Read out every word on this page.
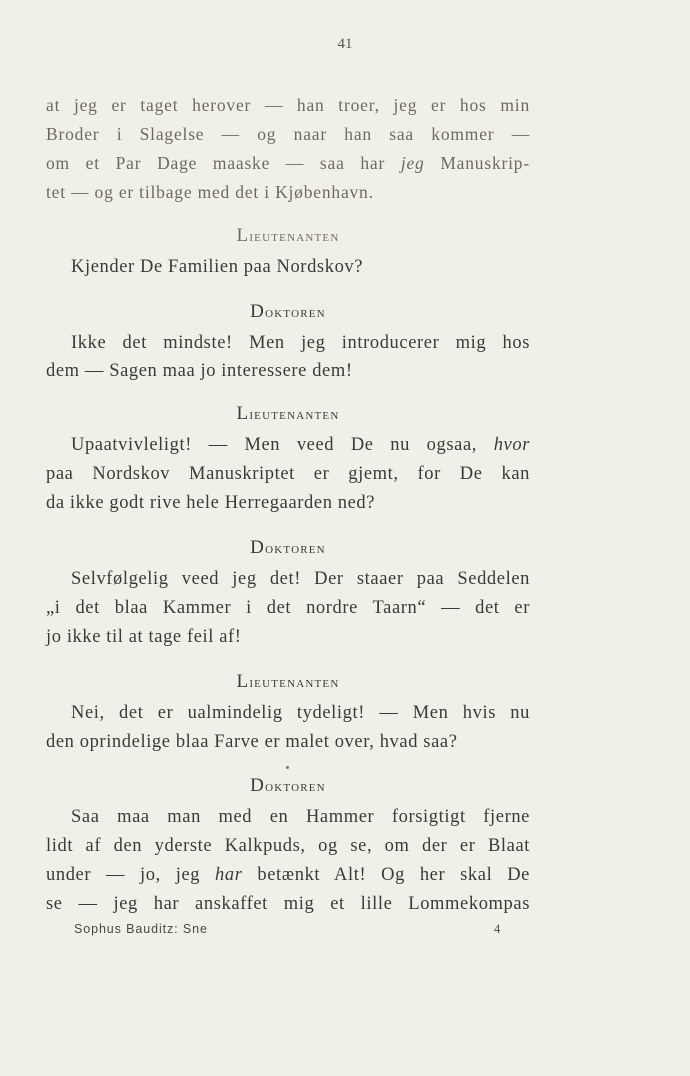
41
at jeg er taget herover — han troer, jeg er hos min
Broder i Slagelse — og naar han saa kommer —
om et Par Dage maaske — saa har jeg Manuskrip-
tet — og er tilbage med det i Kjøbenhavn.
Lieutenanten
Kjender De Familien paa Nordskov?
Doktoren
Ikke det mindste! Men jeg introducerer mig hos
dem — Sagen maa jo interessere dem!
Lieutenanten
Upaatvivleligt! — Men veed De nu ogsaa, hvor
paa Nordskov Manuskriptet er gjemt, for De kan
da ikke godt rive hele Herregaarden ned?
Doktoren
Selvfølgelig veed jeg det! Der staaer paa Seddelen
„i det blaa Kammer i det nordre Taarn“ — det er
jo ikke til at tage feil af!
Lieutenanten
Nei, det er ualmindelig tydeligt! — Men hvis nu
den oprindelige blaa Farve er malet over, hvad saa?
Doktoren
Saa maa man med en Hammer forsigtigt fjerne
lidt af den yderste Kalkpuds, og se, om der er Blaat
under — jo, jeg har betænkt Alt! Og her skal De
se — jeg har anskaffet mig et lille Lommekompas
Sophus Bauditz: Sne	4
